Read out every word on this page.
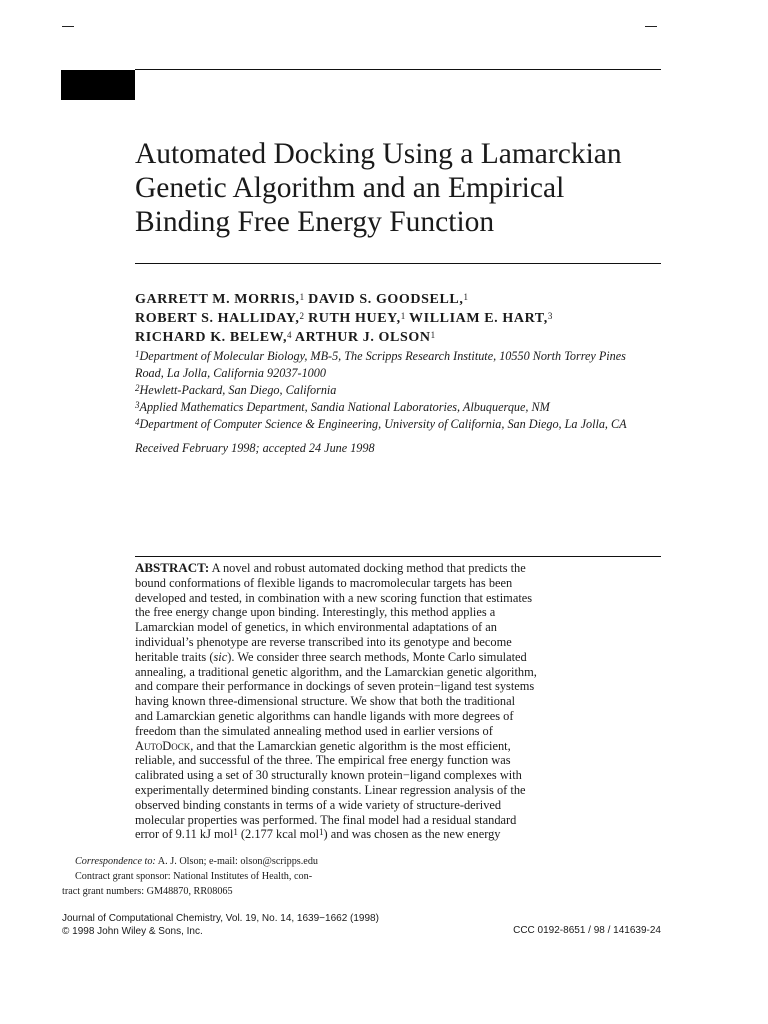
Automated Docking Using a Lamarckian
Genetic Algorithm and an Empirical
Binding Free Energy Function
GARRETT M. MORRIS,$^1$ DAVID S. GOODSELL,$^1$
ROBERT S. HALLIDAY,$^2$ RUTH HUEY,$^1$ WILLIAM E. HART,$^3$
RICHARD K. BELEW,$^4$ ARTHUR J. OLSON$^1$
$^1$Department of Molecular Biology, MB-5, The Scripps Research Institute, 10550 North Torrey Pines
Road, La Jolla, California 92037-1000
$^2$Hewlett-Packard, San Diego, California
$^3$Applied Mathematics Department, Sandia National Laboratories, Albuquerque, NM
$^4$Department of Computer Science & Engineering, University of California, San Diego, La Jolla, CA
Received February 1998; accepted 24 June 1998
ABSTRACT: A novel and robust automated docking method that predicts the
bound conformations of flexible ligands to macromolecular targets has been
developed and tested, in combination with a new scoring function that estimates
the free energy change upon binding. Interestingly, this method applies a
Lamarckian model of genetics, in which environmental adaptations of an
individual’s phenotype are reverse transcribed into its genotype and become
heritable traits (sic). We consider three search methods, Monte Carlo simulated
annealing, a traditional genetic algorithm, and the Lamarckian genetic algorithm,
and compare their performance in dockings of seven protein−ligand test systems
having known three-dimensional structure. We show that both the traditional
and Lamarckian genetic algorithms can handle ligands with more degrees of
freedom than the simulated annealing method used in earlier versions of
AutoDock, and that the Lamarckian genetic algorithm is the most efficient,
reliable, and successful of the three. The empirical free energy function was
calibrated using a set of 30 structurally known protein−ligand complexes with
experimentally determined binding constants. Linear regression analysis of the
observed binding constants in terms of a wide variety of structure-derived
molecular properties was performed. The final model had a residual standard
error of 9.11 kJ mol$^1$ (2.177 kcal mol$^1$) and was chosen as the new energy
Correspondence to: A. J. Olson; e-mail: olson@scripps.edu
Contract grant sponsor: National Institutes of Health, con-
tract grant numbers: GM48870, RR08065
Journal of Computational Chemistry, Vol. 19, No. 14, 1639−1662 (1998)
© 1998 John Wiley & Sons, Inc.	CCC 0192-8651 / 98 / 141639-24
